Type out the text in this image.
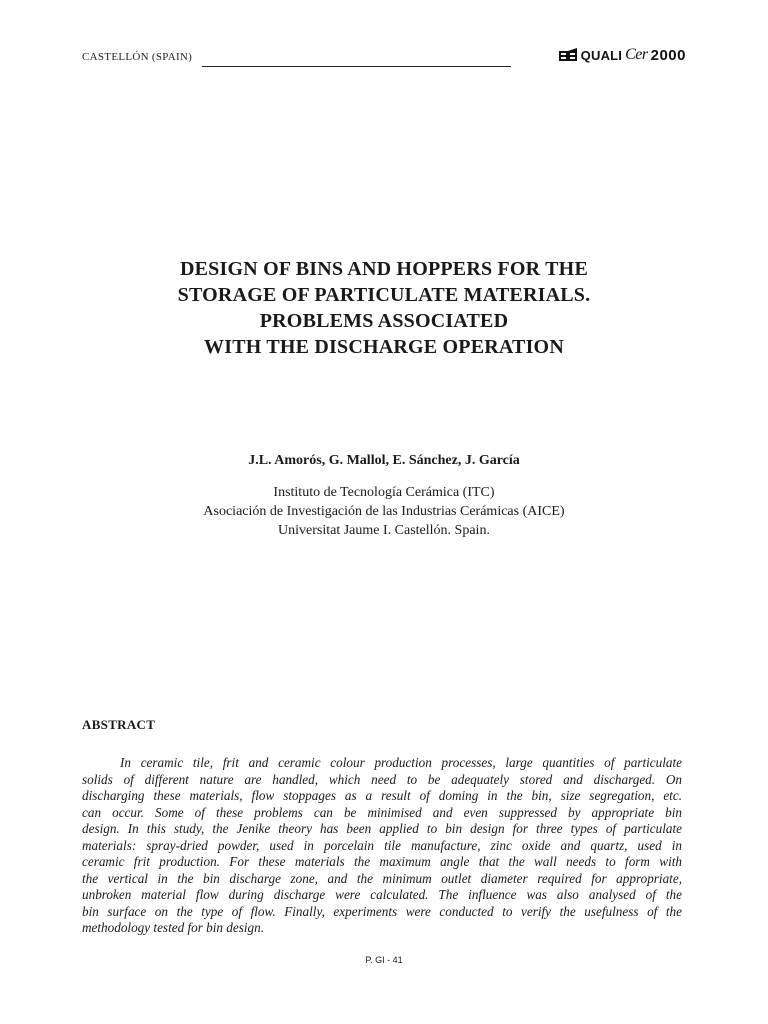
CASTELLÓN (SPAIN)	QUALI Cer 2000
DESIGN OF BINS AND HOPPERS FOR THE
STORAGE OF PARTICULATE MATERIALS.
PROBLEMS ASSOCIATED
WITH THE DISCHARGE OPERATION
J.L. Amorós, G. Mallol, E. Sánchez, J. García
Instituto de Tecnología Cerámica (ITC)
Asociación de Investigación de las Industrias Cerámicas (AICE)
Universitat Jaume I. Castellón. Spain.
ABSTRACT
In ceramic tile, frit and ceramic colour production processes, large quantities of particulate
solids of different nature are handled, which need to be adequately stored and discharged. On
discharging these materials, flow stoppages as a result of doming in the bin, size segregation, etc.
can occur. Some of these problems can be minimised and even suppressed by appropriate bin
design. In this study, the Jenike theory has been applied to bin design for three types of particulate
materials: spray-dried powder, used in porcelain tile manufacture, zinc oxide and quartz, used in
ceramic frit production. For these materials the maximum angle that the wall needs to form with
the vertical in the bin discharge zone, and the minimum outlet diameter required for appropriate,
unbroken material flow during discharge were calculated. The influence was also analysed of the
bin surface on the type of flow. Finally, experiments were conducted to verify the usefulness of the
methodology tested for bin design.
P. GI - 41
